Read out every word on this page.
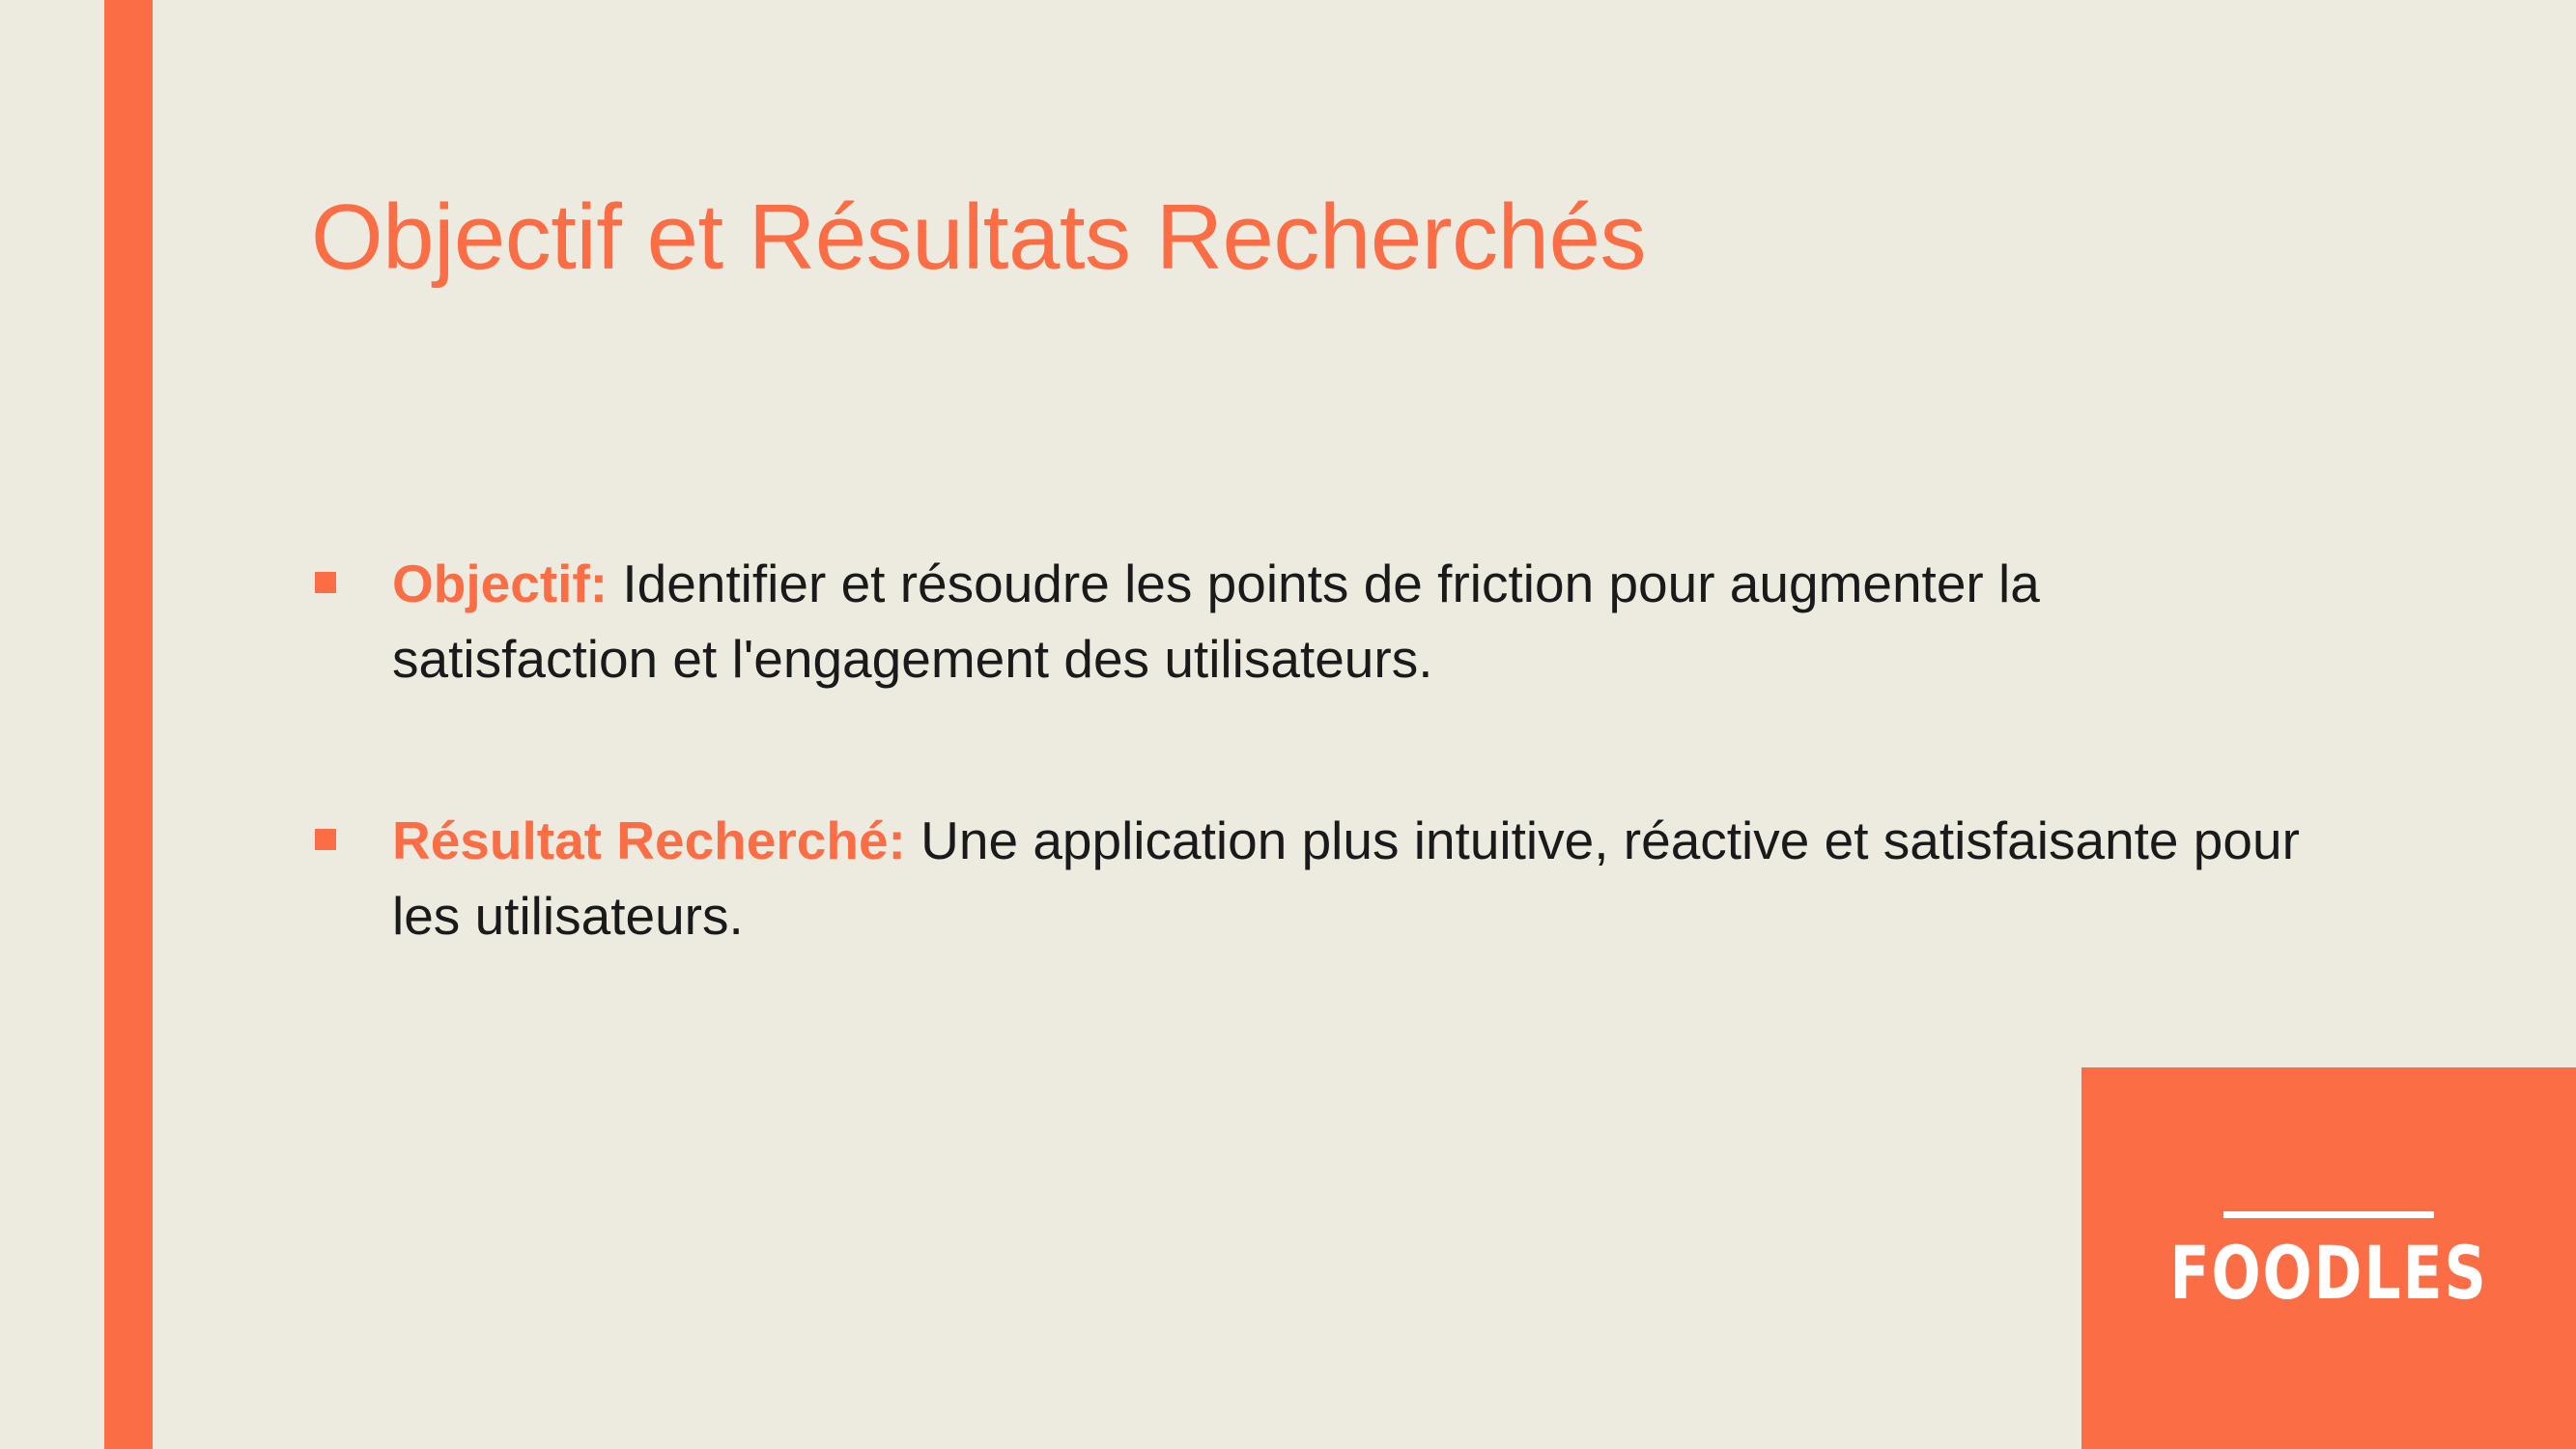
Objectif et Résultats Recherchés

Objectif: Identifier et résoudre les points de friction pour augmenter la satisfaction et l'engagement des utilisateurs.

Résultat Recherché: Une application plus intuitive, réactive et satisfaisante pour les utilisateurs.

FOODLES
